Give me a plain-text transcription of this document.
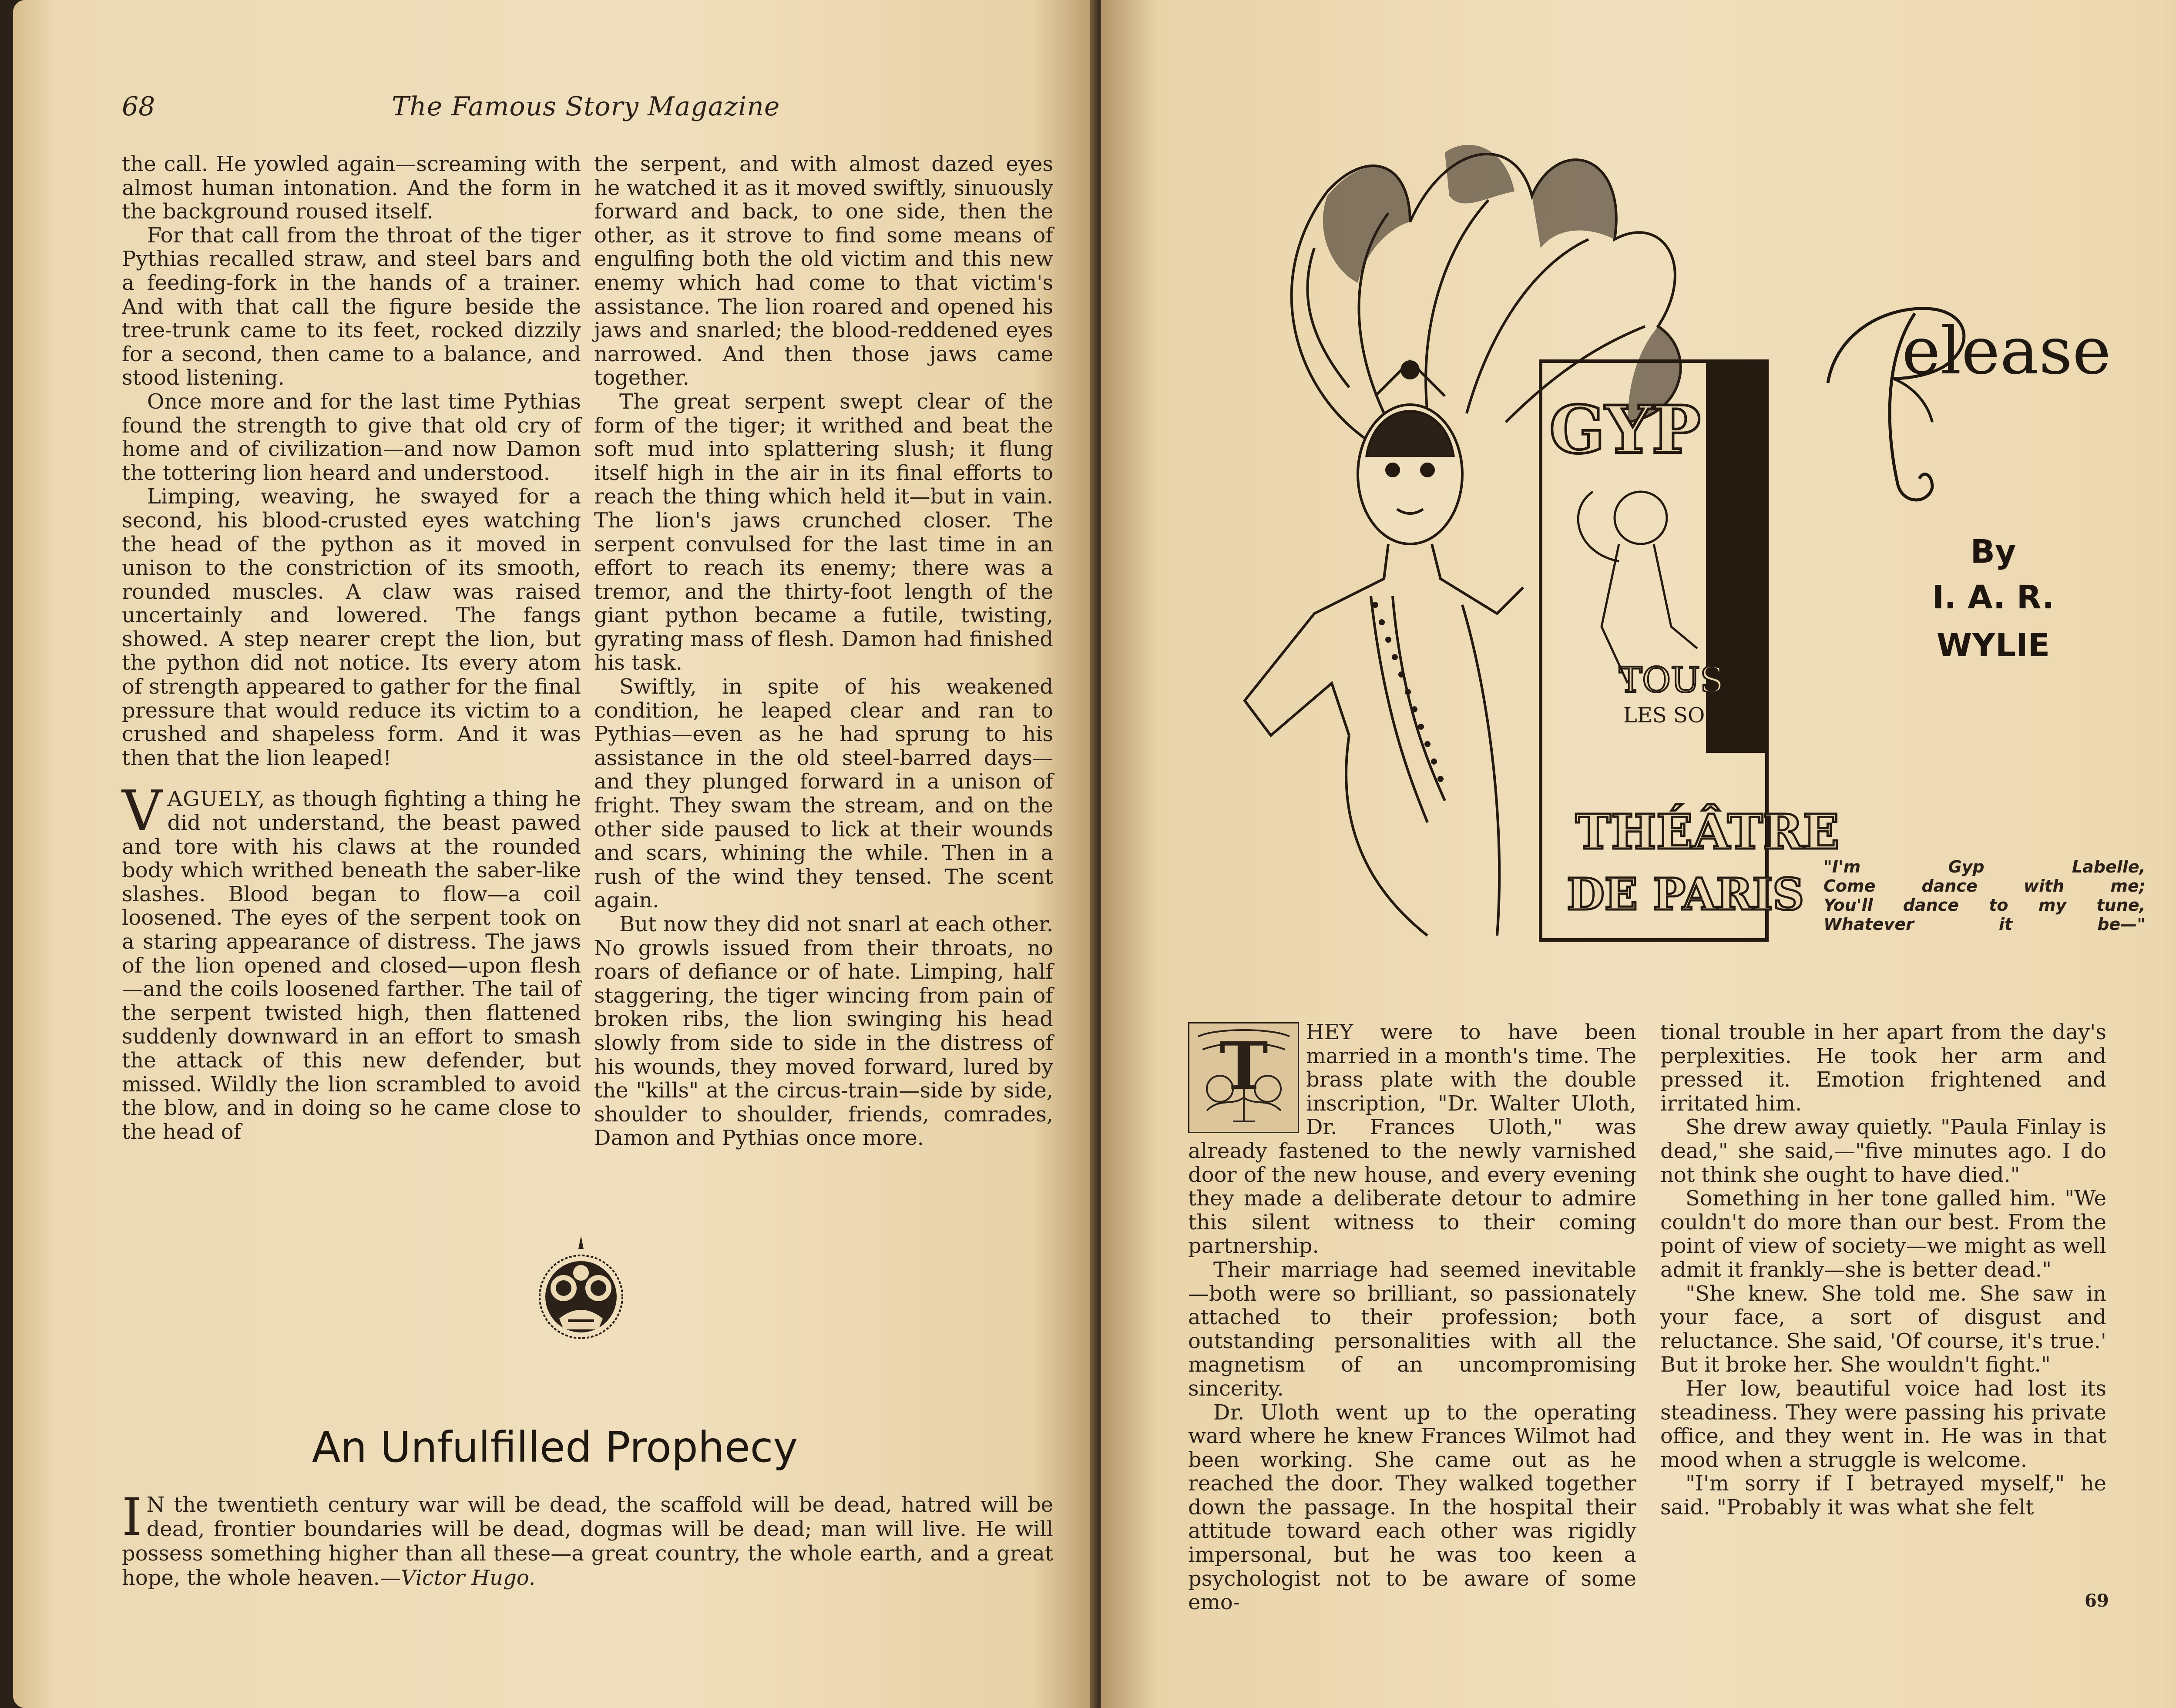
68	The Famous Story Magazine

the call. He yowled again—screaming with almost human intonation. And the form in the background roused itself.

For that call from the throat of the tiger Pythias recalled straw, and steel bars and a feeding-fork in the hands of a trainer. And with that call the figure beside the tree-trunk came to its feet, rocked dizzily for a second, then came to a balance, and stood listening.

Once more and for the last time Pythias found the strength to give that old cry of home and of civilization—and now Damon the tottering lion heard and understood.

Limping, weaving, he swayed for a second, his blood-crusted eyes watching the head of the python as it moved in unison to the constriction of its smooth, rounded muscles. A claw was raised uncertainly and lowered. The fangs showed. A step nearer crept the lion, but the python did not notice. Its every atom of strength appeared to gather for the final pressure that would reduce its victim to a crushed and shapeless form. And it was then that the lion leaped!

VAGUELY, as though fighting a thing he did not understand, the beast pawed and tore with his claws at the rounded body which writhed beneath the saber-like slashes. Blood began to flow—a coil loosened. The eyes of the serpent took on a staring appearance of distress. The jaws of the lion opened and closed—upon flesh—and the coils loosened farther. The tail of the serpent twisted high, then flattened suddenly downward in an effort to smash the attack of this new defender, but missed. Wildly the lion scrambled to avoid the blow, and in doing so he came close to the head of

the serpent, and with almost dazed eyes he watched it as it moved swiftly, sinuously forward and back, to one side, then the other, as it strove to find some means of engulfing both the old victim and this new enemy which had come to that victim's assistance. The lion roared and opened his jaws and snarled; the blood-reddened eyes narrowed. And then those jaws came together.

The great serpent swept clear of the form of the tiger; it writhed and beat the soft mud into splattering slush; it flung itself high in the air in its final efforts to reach the thing which held it—but in vain. The lion's jaws crunched closer. The serpent convulsed for the last time in an effort to reach its enemy; there was a tremor, and the thirty-foot length of the giant python became a futile, twisting, gyrating mass of flesh. Damon had finished his task.

Swiftly, in spite of his weakened condition, he leaped clear and ran to Pythias—even as he had sprung to his assistance in the old steel-barred days—and they plunged forward in a unison of fright. They swam the stream, and on the other side paused to lick at their wounds and scars, whining the while. Then in a rush of the wind they tensed. The scent again.

But now they did not snarl at each other. No growls issued from their throats, no roars of defiance or of hate. Limping, half staggering, the tiger wincing from pain of broken ribs, the lion swinging his head slowly from side to side in the distress of his wounds, they moved forward, lured by the "kills" at the circus-train—side by side, shoulder to shoulder, friends, comrades, Damon and Pythias once more.

An Unfulfilled Prophecy
I N the twentieth century war will be dead, the scaffold will be dead, hatred will be dead, frontier boundaries will be dead, dogmas will be dead; man will live. He will possess something higher than all these—a great country, the whole earth, and a great hope, the whole heaven.—Victor Hugo.
GYP
TOUS
LES SOIRS
THÉÂTRE
DE PARIS
R
elease
By
I. A. R.
WYLIE
"I'm Gyp Labelle,
Come dance with me;
You'll dance to my tune,
Whatever it be—"

T HEY were to have been married in a month's time. The brass plate with the double inscription, "Dr. Walter Uloth, Dr. Frances Uloth," was already fastened to the newly varnished door of the new house, and every evening they made a deliberate detour to admire this silent witness to their coming partnership.

Their marriage had seemed inevitable—both were so brilliant, so passionately attached to their profession; both outstanding personalities with all the magnetism of an uncompromising sincerity.

Dr. Uloth went up to the operating ward where he knew Frances Wilmot had been working. She came out as he reached the door. They walked together down the passage. In the hospital their attitude toward each other was rigidly impersonal, but he was too keen a psychologist not to be aware of some emo-

tional trouble in her apart from the day's perplexities. He took her arm and pressed it. Emotion frightened and irritated him.

She drew away quietly. "Paula Finlay is dead," she said,—"five minutes ago. I do not think she ought to have died."

Something in her tone galled him. "We couldn't do more than our best. From the point of view of society—we might as well admit it frankly—she is better dead."

"She knew. She told me. She saw in your face, a sort of disgust and reluctance. She said, 'Of course, it's true.' But it broke her. She wouldn't fight."

Her low, beautiful voice had lost its steadiness. They were passing his private office, and they went in. He was in that mood when a struggle is welcome.

"I'm sorry if I betrayed myself," he said. "Probably it was what she felt

69
